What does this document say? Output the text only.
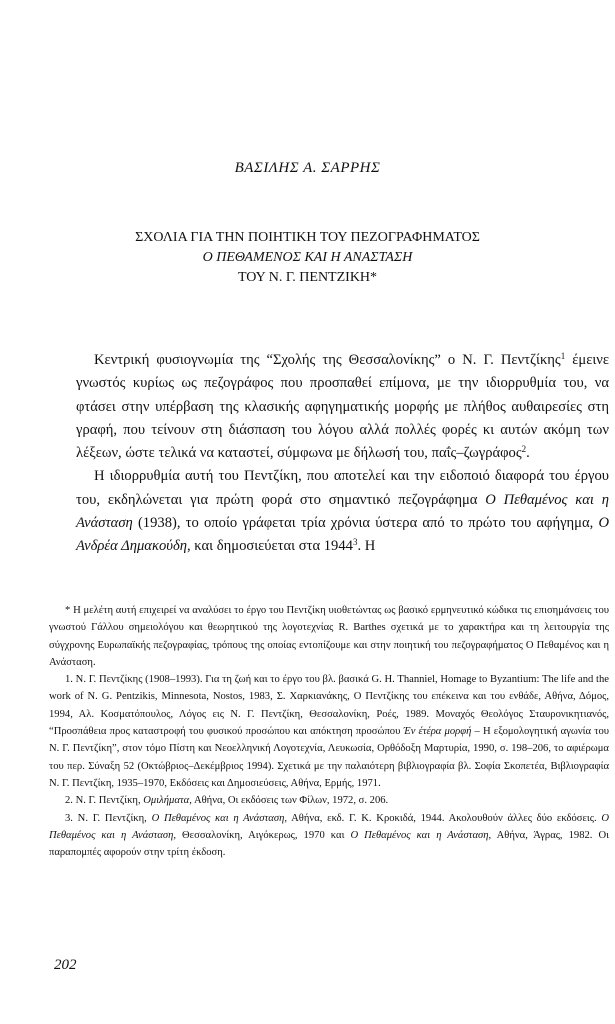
ΒΑΣΙΛΗΣ Α. ΣΑΡΡΗΣ
ΣΧΟΛΙΑ ΓΙΑ ΤΗΝ ΠΟΙΗΤΙΚΗ ΤΟΥ ΠΕΖΟΓΡΑΦΗΜΑΤΟΣ
Ο ΠΕΘΑΜΕΝΟΣ ΚΑΙ Η ΑΝΑΣΤΑΣΗ
ΤΟΥ Ν. Γ. ΠΕΝΤΖΙΚΗ*

Κεντρική φυσιογνωμία της “Σχολής της Θεσσαλονίκης” ο Ν. Γ. Πεντζίκης$^1$ έμεινε γνωστός κυρίως ως πεζογράφος που προσπαθεί επίμονα, με την ιδιορρυθμία του, να φτάσει στην υπέρβαση της κλασικής αφηγηματικής μορφής με πλήθος αυθαιρεσίες στη γραφή, που τείνουν στη διάσπαση του λόγου αλλά πολλές φορές κι αυτών ακόμη των λέξεων, ώστε τελικά να καταστεί, σύμφωνα με δήλωσή του, παΐς–ζωγράφος$^2$.

Η ιδιορρυθμία αυτή του Πεντζίκη, που αποτελεί και την ειδοποιό διαφορά του έργου του, εκδηλώνεται για πρώτη φορά στο σημαντικό πεζογράφημα Ο Πεθαμένος και η Ανάσταση (1938), το οποίο γράφεται τρία χρόνια ύστερα από το πρώτο του αφήγημα, Ο Ανδρέα Δημακούδη, και δημοσιεύεται στα 1944$^3$. Η

* Η μελέτη αυτή επιχειρεί να αναλύσει το έργο του Πεντζίκη υιοθετώντας ως βασικό ερμηνευτικό κώδικα τις επισημάνσεις του γνωστού Γάλλου σημειολόγου και θεωρητικού της λογοτεχνίας R. Barthes σχετικά με το χαρακτήρα και τη λειτουργία της σύγχρονης Ευρωπαϊκής πεζογραφίας, τρόπους της οποίας εντοπίζουμε και στην ποιητική του πεζογραφήματος Ο Πεθαμένος και η Ανάσταση.

1. Ν. Γ. Πεντζίκης (1908–1993). Για τη ζωή και το έργο του βλ. βασικά G. H. Thanniel, Homage to Byzantium: The life and the work of N. G. Pentzikis, Minnesota, Nostos, 1983, Σ. Χαρκιανάκης, Ο Πεντζίκης του επέκεινα και του ενθάδε, Αθήνα, Δόμος, 1994, Αλ. Κοσματόπουλος, Λόγος εις Ν. Γ. Πεντζίκη, Θεσσαλονίκη, Ροές, 1989. Μοναχός Θεολόγος Σταυρονικητιανός, “Προσπάθεια προς καταστροφή του φυσικού προσώπου και απόκτηση προσώπου Έν έτέρα μορφή – Η εξομολογητική αγωνία του Ν. Γ. Πεντζίκη”, στον τόμο Πίστη και Νεοελληνική Λογοτεχνία, Λευκωσία, Ορθόδοξη Μαρτυρία, 1990, σ. 198–206, το αφιέρωμα του περ. Σύναξη 52 (Οκτώβριος–Δεκέμβριος 1994). Σχετικά με την παλαιότερη βιβλιογραφία βλ. Σοφία Σκοπετέα, Βιβλιογραφία Ν. Γ. Πεντζίκη, 1935–1970, Εκδόσεις και Δημοσιεύσεις, Αθήνα, Ερμής, 1971.

2. Ν. Γ. Πεντζίκη, Ομιλήματα, Αθήνα, Οι εκδόσεις των Φίλων, 1972, σ. 206.

3. Ν. Γ. Πεντζίκη, Ο Πεθαμένος και η Ανάσταση, Αθήνα, εκδ. Γ. Κ. Κροκιδά, 1944. Ακολουθούν άλλες δύο εκδόσεις. Ο Πεθαμένος και η Ανάσταση, Θεσσαλονίκη, Αιγόκερως, 1970 και Ο Πεθαμένος και η Ανάσταση, Αθήνα, Άγρας, 1982. Οι παραπομπές αφορούν στην τρίτη έκδοση.

202
